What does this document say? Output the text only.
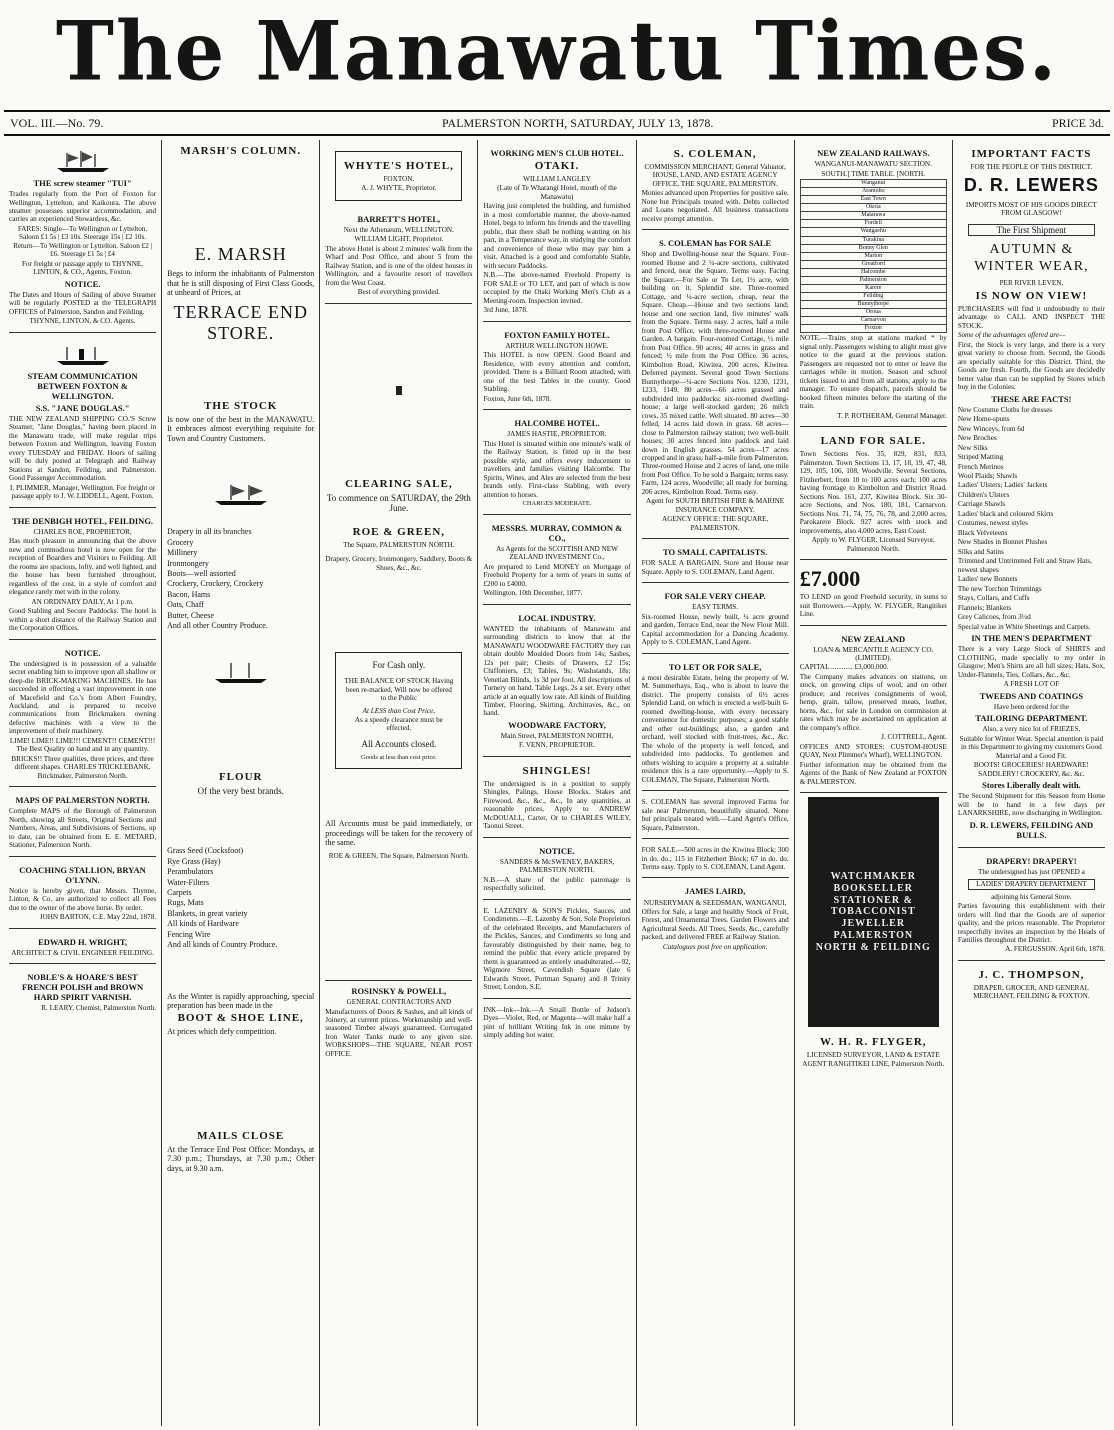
The Manawatu Times.
VOL. III.—No. 79.	PALMERSTON NORTH, SATURDAY, JULY 13, 1878.	PRICE 3d.
THE screw steamer "TUI"

Trades regularly from the Port of Foxton for Wellington, Lyttelton, and Kaikoura. The above steamer possesses superior accommodation, and carries an experienced Stewardess, &c.

FARES: Single—To Wellington or Lyttelton. Saloon £1 5s | £3 10s. Steerage 15s | £2 10s. Return—To Wellington or Lyttelton. Saloon £2 | £6. Steerage £1 5s | £4

For freight or passage apply to THYNNE, LINTON, & CO., Agents, Foxton.

NOTICE.

The Dates and Hours of Sailing of above Steamer will be regularly POSTED at the TELEGRAPH OFFICES of Palmerston, Sandon and Feilding.

THYNNE, LINTON, & CO. Agents.

STEAM COMMUNICATION BETWEEN FOXTON & WELLINGTON.
S.S. "JANE DOUGLAS."

THE NEW ZEALAND SHIPPING CO.'S Screw Steamer, "Jane Douglas," having been placed in the Manawatu trade, will make regular trips between Foxton and Wellington, leaving Foxton every TUESDAY and FRIDAY. Hours of sailing will be duly posted at Telegraph and Railway Stations at Sandon, Feilding, and Palmerston. Good Passenger Accommodation.

I. PLIMMER, Manager, Wellington. For freight or passage apply to J. W. LIDDELL, Agent, Foxton.

THE DENBIGH HOTEL, FEILDING.

CHARLES ROE, PROPRIETOR,

Has much pleasure in announcing that the above new and commodious hotel is now open for the reception of Boarders and Visitors to Feilding. All the rooms are spacious, lofty, and well lighted, and the house has been furnished throughout, regardless of the cost, in a style of comfort and elegance rarely met with in the colony.

AN ORDINARY DAILY, At 1 p.m.

Good Stabling and Secure Paddocks. The hotel is within a short distance of the Railway Station and the Corporation Offices.

NOTICE.

The undersigned is in possession of a valuable secret enabling him to improve upon all shallow or deep-die BRICK-MAKING MACHINES. He has succeeded in effecting a vast improvement in one of Macefield and Co.'s from Albert Foundry, Auckland, and is prepared to receive communications from Brickmakers owning defective machines with a view to the improvement of their machinery.

LIME! LIME!! LIME!!! CEMENT!! CEMENT!!! The Best Quality on hand and in any quantity.

BRICKS!! Three qualities, three prices, and three different shapes. CHARLES TRICKLEBANK, Brickmaker, Palmerston North.

MAPS OF PALMERSTON NORTH.

Complete MAPS of the Borough of Palmerston North, showing all Streets, Original Sections and Numbers, Areas, and Subdivisions of Sections, up to date, can be obtained from E. E. METARD, Stationer, Palmerston North.

COACHING STALLION, BRYAN O'LYNN.

Notice is hereby given, that Messrs. Thynne, Linton, & Co. are authorized to collect all Fees due to the owner of the above horse. By order.

JOHN BARTON, C.E. May 22nd, 1878.

EDWARD H. WRIGHT,

ARCHITECT & CIVIL ENGINEER FEILDING.

NOBLE'S & HOARE'S BEST FRENCH POLISH and BROWN HARD SPIRIT VARNISH.

R. LEARY, Chemist, Palmerston North.

MARSH'S COLUMN.
E. MARSH

Begs to inform the inhabitants of Palmerston that he is still disposing of First Class Goods, at unheard of Prices, at

TERRACE END STORE.
THE STOCK

Is now one of the best in the MANAWATU. It embraces almost everything requisite for Town and Country Customers.

Drapery in all its branches
Grocery
Millinery
Ironmongery
Boots—well assorted
Crockery, Crockery, Crockery
Bacon, Hams
Oats, Chaff
Butter, Cheese
And all other Country Produce.
FLOUR

Of the very best brands.

Grass Seed (Cocksfoot)
Rye Grass (Hay)
Perambulators
Water-Filters
Carpets
Rugs, Mats
Blankets, in great variety
All kinds of Hardware
Fencing Wire
And all kinds of Country Produce.

As the Winter is rapidly approaching, special preparation has been made in the

BOOT & SHOE LINE,

At prices which defy competition.

MAILS CLOSE

At the Terrace End Post Office: Mondays, at 7.30 p.m.; Thursdays, at 7.30 p.m.; Other days, at 9.30 a.m.

WHYTE'S HOTEL,

FOXTON.

A. J. WHYTE, Proprietor.

BARRETT'S HOTEL,

Next the Athenæum, WELLINGTON.

WILLIAM LIGHT, Proprietor.

The above Hotel is about 2 minutes' walk from the Wharf and Post Office, and about 5 from the Railway Station, and is one of the oldest houses in Wellington, and a favourite resort of travellers from the West Coast.

Best of everything provided.

CLEARING SALE,

To commence on SATURDAY, the 29th June.

ROE & GREEN,

The Square, PALMERSTON NORTH.

Drapery, Grocery, Ironmongery, Saddlery, Boots & Shoes, &c., &c.

For Cash only.

THE BALANCE OF STOCK Having been re-marked, Will now be offered to the Public

At LESS than Cost Price,

As a speedy clearance must be effected.

All Accounts closed.

Goods at less than cost price.

All Accounts must be paid immediately, or proceedings will be taken for the recovery of the same.

ROE & GREEN, The Square, Palmerston North.

ROSINSKY & POWELL,

GENERAL CONTRACTORS AND

Manufacturers of Doors & Sashes, and all kinds of Joinery, at current prices. Workmanship and well-seasoned Timber always guaranteed. Corrugated Iron Water Tanks made to any given size. WORKSHOPS—THE SQUARE, NEAR POST OFFICE.

WORKING MEN'S CLUB HOTEL.
OTAKI.

WILLIAM LANGLEY

(Late of Te Wharangi Hotel, mouth of the Manawatu)

Having just completed the building, and furnished in a most comfortable manner, the above-named Hotel, begs to inform his friends and the travelling public, that there shall be nothing wanting on his part, in a Temperance way, in studying the comfort and convenience of those who may pay him a visit. Attached is a good and comfortable Stable, with secure Paddocks.

N.B.—The above-named Freehold Property is FOR SALE or TO LET, and part of which is now occupied by the Otaki Working Men's Club as a Meeting-room. Inspection invited.

3rd June, 1878.

FOXTON FAMILY HOTEL.

ARTHUR WELLINGTON HOWE.

This HOTEL is now OPEN. Good Board and Residence, with every attention and comfort, provided. There is a Billiard Room attached, with one of the best Tables in the county. Good Stabling.

Foxton, June 6th, 1878.

HALCOMBE HOTEL.

JAMES HASTIE, PROPRIETOR.

This Hotel is situated within one minute's walk of the Railway Station, is fitted up in the best possible style, and offers every inducement to travellers and families visiting Halcombe. The Spirits, Wines, and Ales are selected from the best brands only. First-class Stabling, with every attention to horses.

CHARGES MODERATE.

MESSRS. MURRAY, COMMON & CO.,

As Agents for the SCOTTISH AND NEW ZEALAND INVESTMENT Co.,

Are prepared to Lend MONEY on Mortgage of Freehold Property for a term of years in sums of £200 to £4000.

Wellington, 10th December, 1877.

LOCAL INDUSTRY.

WANTED the inhabitants of Manawatu and surrounding districts to know that at the MANAWATU WOODWARE FACTORY they can obtain double Moulded Doors from 14s; Sashes, 12s per pair; Chests of Drawers, £2 15s; Chiffoniers, £3; Tables, 9s; Washstands, 18s; Venetian Blinds, 1s 3d per foot. All descriptions of Turnery on hand. Table Legs, 2s a set. Every other article at an equally low rate. All kinds of Building Timber, Flooring, Skirting, Architraves, &c., on hand.

WOODWARE FACTORY,

Main Street, PALMERSTON NORTH,

F. VENN, PROPRIETOR.

SHINGLES!

The undersigned is in a position to supply Shingles, Palings, House Blocks, Stakes and Firewood, &c., &c., &c., In any quantities, at reasonable prices, Apply to ANDREW McDOUALL, Carter, Or to CHARLES WILEY, Taonui Street.

NOTICE.

SANDERS & McSWENEY, BAKERS, PALMERSTON NORTH.

N.B.—A share of the public patronage is respectfully solicited.

E. LAZENBY & SON'S Pickles, Sauces, and Condiments.—E. Lazenby & Son, Sole Proprietors of the celebrated Receipts, and Manufacturers of the Pickles, Sauces, and Condiments so long and favourably distinguished by their name, beg to remind the public that every article prepared by them is guaranteed as entirely unadulterated.—92, Wigmore Street, Cavendish Square (late 6 Edwards Street, Portman Square) and 8 Trinity Street, London, S.E.

INK—Ink—Ink.—A Small Bottle of Judson's Dyes—Violet, Red, or Magenta—will make half a pint of brilliant Writing Ink in one minute by simply adding hot water.

S. COLEMAN,

COMMISSION MERCHANT, General Valuator, HOUSE, LAND, AND ESTATE AGENCY OFFICE, THE SQUARE, PALMERSTON.

Monies advanced upon Properties for positive sale. None but Principals treated with. Debts collected and Loans negotiated. All business transactions receive prompt attention.

S. COLEMAN has FOR SALE

Shop and Dwelling-house near the Square. Four-roomed House and 2 ¼-acre sections, cultivated and fenced, near the Square. Terms easy. Facing the Square.—For Sale or To Let, 1½ acre, with building on it. Splendid site. Three-roomed Cottage, and ¼-acre section, cheap, near the Square. Cheap.—House and two sections land; house and one section land, five minutes' walk from the Square. Terms easy. 2 acres, half a mile from Post Office, with three-roomed House and Garden. A bargain. Four-roomed Cottage, ½ mile from Post Office. 90 acres; 40 acres in grass and fenced; ½ mile from the Post Office. 36 acres, Kimbolton Road, Kiwitea. 200 acres, Kiwitea. Deferred payment. Several good Town Sections Bunnythorpe—¼-acre Sections Nos. 1230, 1231, 1233, 1149. 80 acres—66 acres grassed and subdivided into paddocks; six-roomed dwelling-house; a large well-stocked garden; 26 milch cows, 35 mixed cattle. Well situated. 80 acres—30 felled, 14 acres laid down in grass. 68 acres—close to Palmerston railway station; two well-built houses; 30 acres fenced into paddock and laid down in English grasses. 54 acres—17 acres cropped and in grass; half-a-mile from Palmerston. Three-roomed House and 2 acres of land, one mile from Post Office. To be sold a Bargain; terms easy. Farm, 124 acres, Woodville; all ready for burning. 206 acres, Kimbolton Road. Terms easy.

Agent for SOUTH BRITISH FIRE & MARINE INSURANCE COMPANY.

AGENCY OFFICE: THE SQUARE, PALMERSTON.

TO SMALL CAPITALISTS.

FOR SALE A BARGAIN, Store and House near Square. Apply to S. COLEMAN, Land Agent.

FOR SALE VERY CHEAP.

EASY TERMS.

Six-roomed House, newly built, ¼ acre ground and garden, Terrace End, near the New Flour Mill. Capital accommodation for a Dancing Academy. Apply to S. COLEMAN, Land Agent.

TO LET OR FOR SALE,

a most desirable Estate, being the property of W. M. Summerhays, Esq., who is about to leave the district. The property consists of 6½ acres Splendid Land, on which is erected a well-built 6-roomed dwelling-house, with every necessary convenience for domestic purposes; a good stable and other out-buildings; also, a garden and orchard, well stocked with fruit-trees, &c., &c. The whole of the property is well fenced, and subdivided into paddocks. To gentlemen and others wishing to acquire a property at a suitable residence this is a rare opportunity.—Apply to S. COLEMAN, The Square, Palmerston North.

S. COLEMAN has several improved Farms for sale near Palmerston, beautifully situated. None but principals treated with.—Land Agent's Office, Square, Palmerston.

FOR SALE.—500 acres in the Kiwitea Block; 300 in do. do.; 115 in Fitzherbert Block; 67 in do. do. Terms easy. Tpply to S. COLEMAN, Land Agent.

JAMES LAIRD,

NURSERYMAN & SEEDSMAN, WANGANUI,

Offers for Sale, a large and healthy Stock of Fruit, Forest, and Ornamental Trees. Garden Flowers and Agricultural Seeds. All Trees, Seeds, &c., carefully packed, and delivered FREE at Railway Station.

Catalogues post free on application.

NEW ZEALAND RAILWAYS.

WANGANUI-MANAWATU SECTION.

SOUTH.] TIME TABLE. [NORTH.

Wanganui
Aramoho
East Town
Okoia
Matarawa
Fordell
Wangaehu
Turakina
Bonny Glen
Marton
Greatford
Halcombe
Palmerston
Karere
Feilding
Bunnythorpe
Oroua
Carnarvon
Foxton

NOTE.—Trains stop at stations marked * by signal only. Passengers wishing to alight must give notice to the guard at the previous station. Passengers are requested not to enter or leave the carriages while in motion. Season and school tickets issued to and from all stations; apply to the manager. To ensure dispatch, parcels should be booked fifteen minutes before the starting of the train.

T. P. ROTHERAM, General Manager.

LAND FOR SALE.

Town Sections Nos. 35, 829, 831, 833, Palmerston. Town Sections 13, 17, 18, 19, 47, 48, 129, 105, 106, 108, Woodville. Several Sections, Fitzherbert, from 10 to 100 acres each; 100 acres having frontage to Kimbolton and District Road. Sections Nos. 161, 237, Kiwitea Block. Six 30-acre Sections, and Nos. 180, 181, Carnarvon. Sections Nos. 71, 74, 75, 76, 78, and 2,000 acres, Parokarere Block. 927 acres with stock and improvements, also 4,000 acres, East Coast.

Apply to W. FLYGER, Licensed Surveyor, Palmerston North.

£7.000

TO LEND on good Freehold security, in sums to suit Borrowers.—Apply, W. FLYGER, Rangitikei Line.

NEW ZEALAND

LOAN & MERCANTILE AGENCY CO. (LIMITED).

CAPITAL ............ £3,000,000.

The Company makes advances on stations, on stock, on growing clips of wool, and on other produce; and receives consignments of wool, hemp, grain, tallow, preserved meats, leather, horns, &c., for sale in London on commission at rates which may be ascertained on application at the company's office.

J. COTTRELL, Agent.

OFFICES AND STORES: CUSTOM-HOUSE QUAY, Next Plimmer's Wharf), WELLINGTON.

Further information may be obtained from the Agents of the Bank of New Zealand at FOXTON & PALMERSTON.

WATCHMAKER BOOKSELLER STATIONER & TOBACCONIST JEWELLER PALMERSTON NORTH & FEILDING
W. H. R. FLYGER,

LICENSED SURVEYOR, LAND & ESTATE AGENT RANGITIKEI LINE, Palmerston North.

IMPORTANT FACTS

FOR THE PEOPLE OF THIS DISTRICT.

D. R. LEWERS

IMPORTS MOST OF HIS GOODS DIRECT FROM GLASGOW!

The First Shipment

AUTUMN & WINTER WEAR,

PER RIVER LEVEN,

IS NOW ON VIEW!

PURCHASERS will find it undoubtedly to their advantage to CALL AND INSPECT THE STOCK.

Some of the advantages offered are—

First, the Stock is very large, and there is a very great variety to choose from. Second, the Goods are specially suitable for this District. Third, the Goods are fresh. Fourth, the Goods are decidedly better value than can be supplied by Stores which buy in the Colonies.

THESE ARE FACTS!
New Costume Cloths for dresses
New Home-spuns
New Winceys, from 6d
New Broches
New Silks
Striped Matting
French Merinos
Wool Plaids; Shawls
Ladies' Ulsters; Ladies' Jackets
Children's Ulsters
Carriage Shawls
Ladies' black and coloured Skirts
Costumes, newest styles
Black Velveteens
New Shades in Bonnet Plushes
Silks and Satins
Trimmed and Untrimmed Felt and Straw Hats, newest shapes
Ladies' new Bonnets
The new Torchon Trimmings
Stays, Collars, and Cuffs
Flannels; Blankets
Grey Calicoes, from 3½d
Special value in White Sheetings and Carpets.
IN THE MEN'S DEPARTMENT

There is a very Large Stock of SHIRTS and CLOTHING, made specially to my order in Glasgow; Men's Shirts are all full sizes; Hats, Sox, Under-Flannels, Ties, Collars, &c., &c.

A FRESH LOT OF

TWEEDS AND COATINGS

Have been ordered for the

TAILORING DEPARTMENT.

Also, a very nice lot of FRIEZES,

Suitable for Winter Wear. Special attention is paid in this Department to giving my customers Good Material and a Good Fit.

BOOTS! GROCERIES! HARDWARE! SADDLERY! CROCKERY, &c. &c.

Stores Liberally dealt with.

The Second Shipment for this Season from Home will be to hand in a few days per LANARKSHIRE, now discharging in Wellington.

D. R. LEWERS, FEILDING AND BULLS.
DRAPERY! DRAPERY!

The undersigned has just OPENED a

LADIES' DRAPERY DEPARTMENT

adjoining his General Store.

Parties favouring this establishment with their orders will find that the Goods are of superior quality, and the prices reasonable. The Proprietor respectfully invites an inspection by the Heads of Families throughout the District.

A. FERGUSSON. April 6th, 1878.

J. C. THOMPSON,

DRAPER, GROCER, AND GENERAL MERCHANT, FEILDING & FOXTON.
